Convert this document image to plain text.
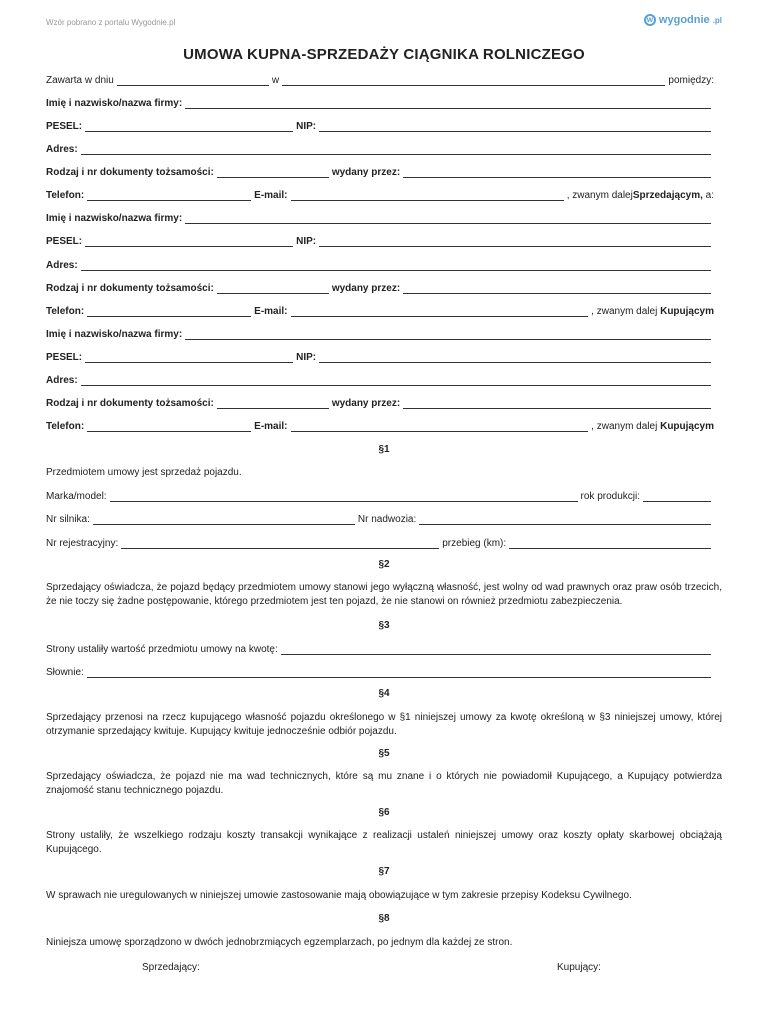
Wzór pobrano z portalu Wygodnie.pl	w wygodnie .pl
UMOWA KUPNA-SPRZEDAŻY CIĄGNIKA ROLNICZEGO
Zawarta w dniu	w	pomiędzy:
Imię i nazwisko/nazwa firmy:
PESEL:	NIP:
Adres:
Rodzaj i nr dokumenty tożsamości:	wydany przez:
Telefon:	E-mail:	, zwanym dalej Sprzedającym, a:
Imię i nazwisko/nazwa firmy:
PESEL:	NIP:
Adres:
Rodzaj i nr dokumenty tożsamości:	wydany przez:
Telefon:	E-mail:	, zwanym dalej Kupującym
Imię i nazwisko/nazwa firmy:
PESEL:	NIP:
Adres:
Rodzaj i nr dokumenty tożsamości:	wydany przez:
Telefon:	E-mail:	, zwanym dalej Kupującym
§1
Przedmiotem umowy jest sprzedaż pojazdu.
Marka/model:	rok produkcji:
Nr silnika:	Nr nadwozia:
Nr rejestracyjny:	przebieg (km):
§2
Sprzedający oświadcza, że pojazd będący przedmiotem umowy stanowi jego wyłączną własność, jest wolny od wad prawnych oraz praw osób trzecich, że nie toczy się żadne postępowanie, którego przedmiotem jest ten pojazd, że nie stanowi on również przedmiotu zabezpieczenia.
§3
Strony ustaliły wartość przedmiotu umowy na kwotę:
Słownie:
§4
Sprzedający przenosi na rzecz kupującego własność pojazdu określonego w §1 niniejszej umowy za kwotę określoną w §3 niniejszej umowy, której otrzymanie sprzedający kwituje. Kupujący kwituje jednocześnie odbiór pojazdu.
§5
Sprzedający oświadcza, że pojazd nie ma wad technicznych, które są mu znane i o których nie powiadomił Kupującego, a Kupujący potwierdza znajomość stanu technicznego pojazdu.
§6
Strony ustaliły, że wszelkiego rodzaju koszty transakcji wynikające z realizacji ustaleń niniejszej umowy oraz koszty opłaty skarbowej obciążają Kupującego.
§7
W sprawach nie uregulowanych w niniejszej umowie zastosowanie mają obowiązujące w tym zakresie przepisy Kodeksu Cywilnego.
§8
Niniejsza umowę sporządzono w dwóch jednobrzmiących egzemplarzach, po jednym dla każdej ze stron.
Sprzedający:	Kupujący:
